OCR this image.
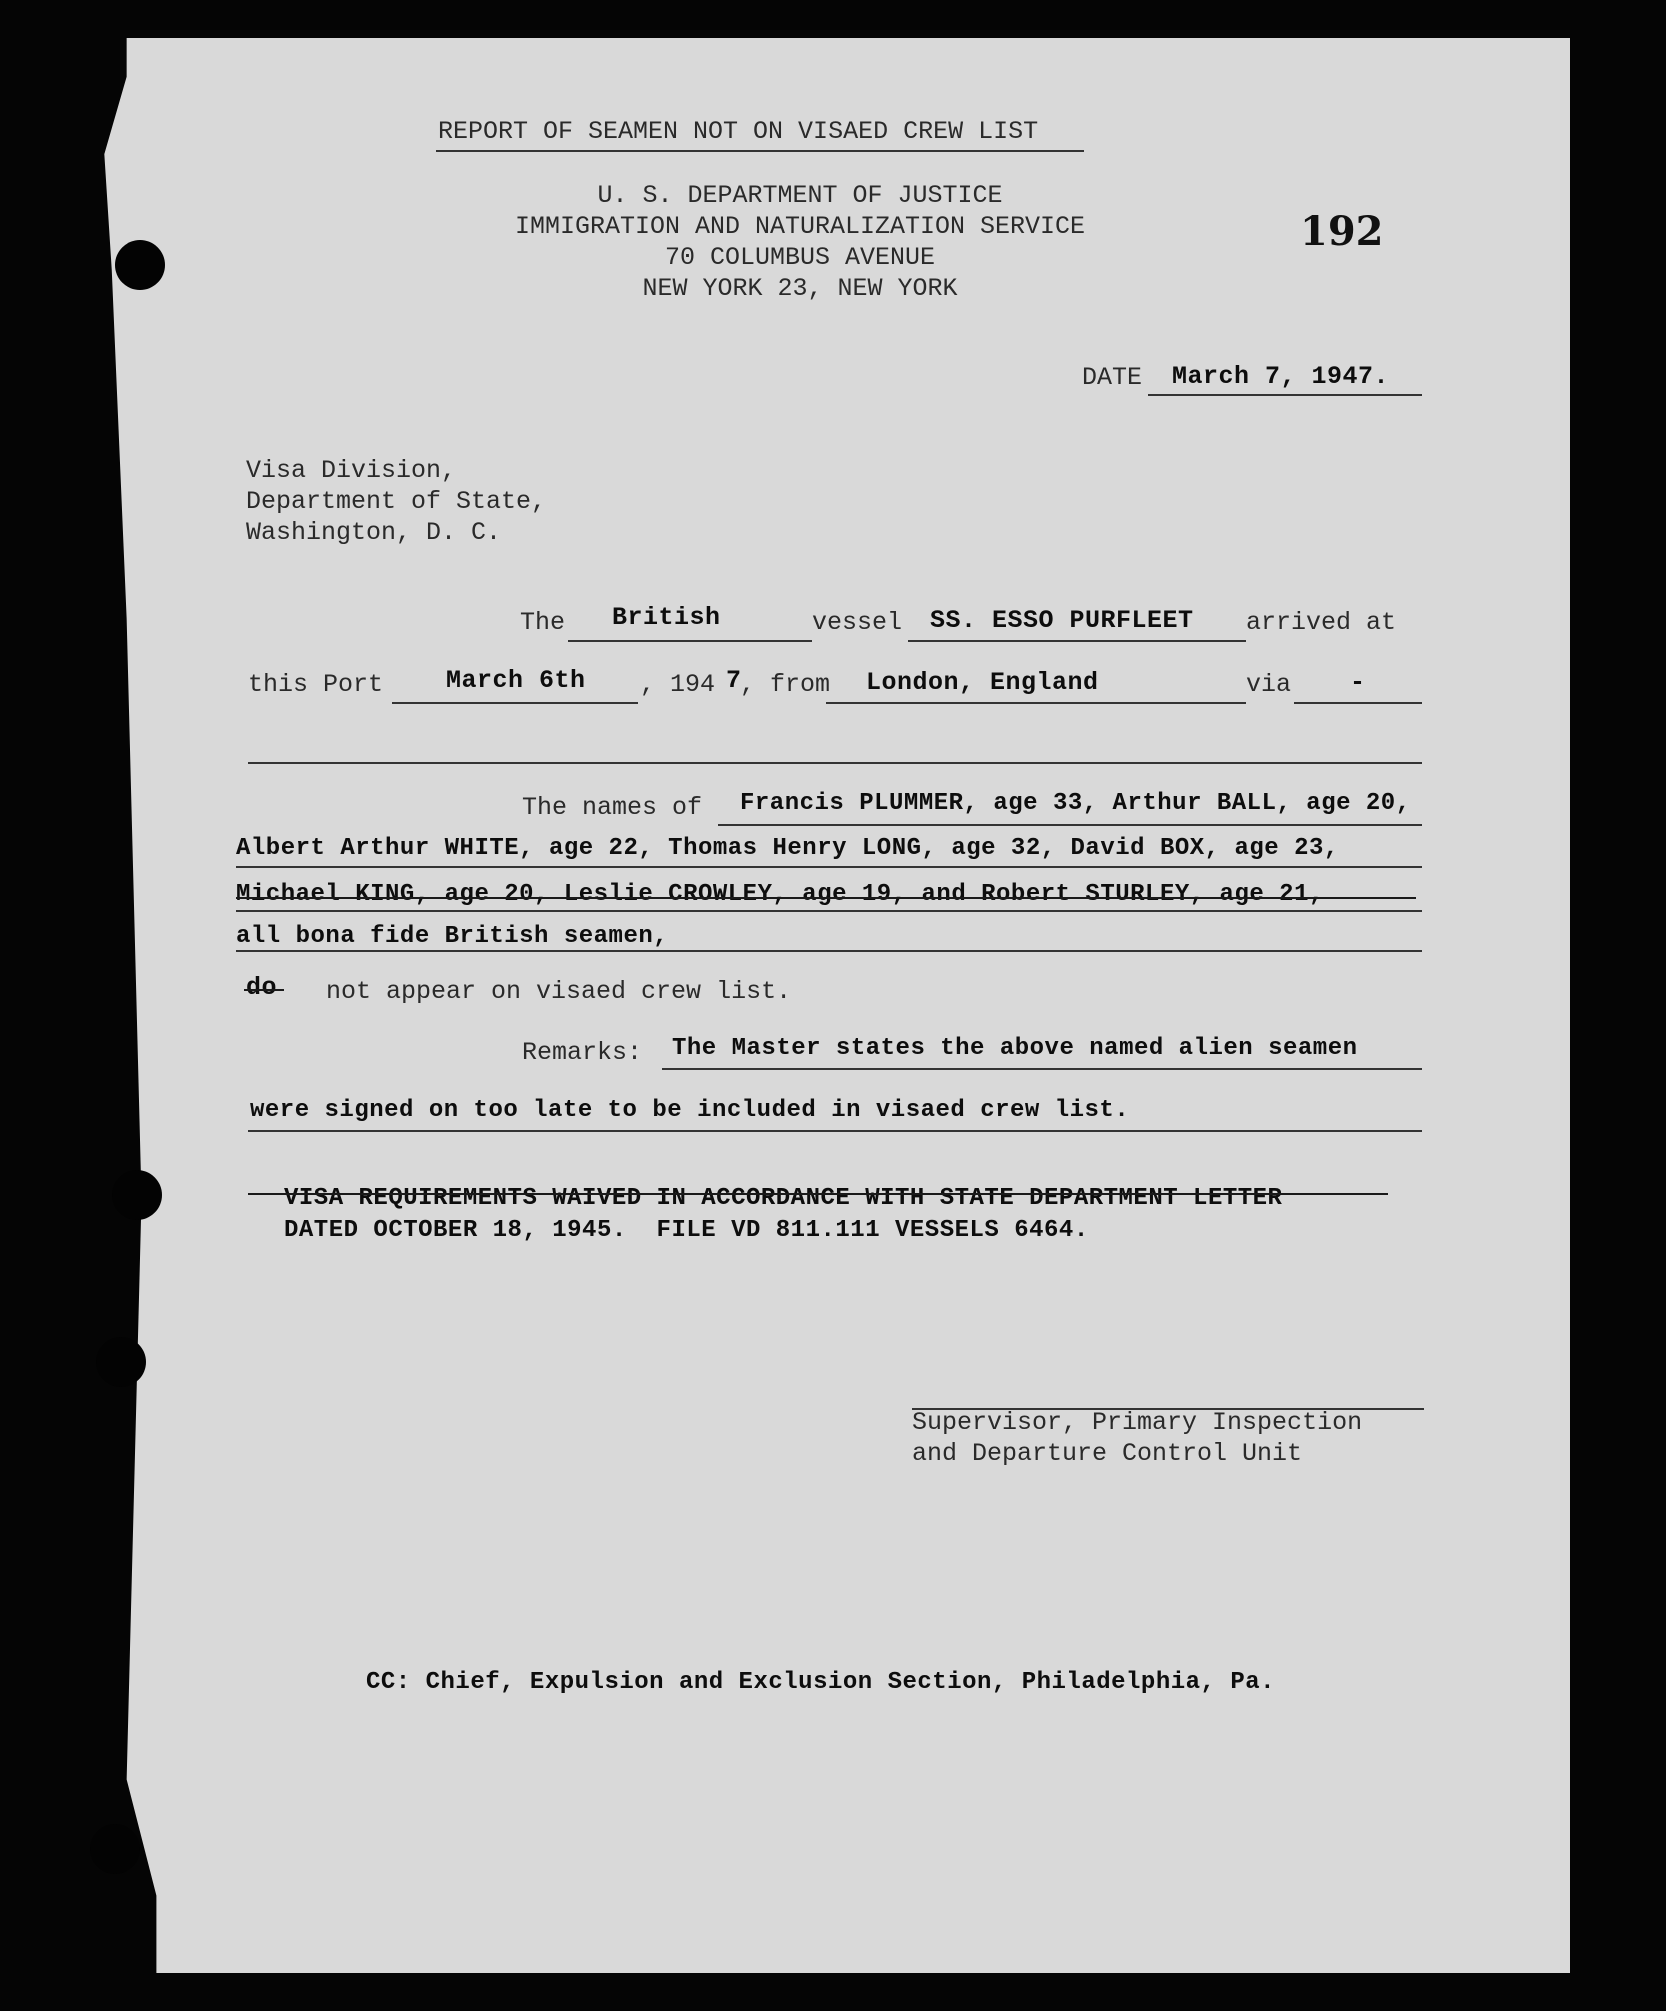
REPORT OF SEAMEN NOT ON VISAED CREW LIST
192
U. S. DEPARTMENT OF JUSTICE
IMMIGRATION AND NATURALIZATION SERVICE
70 COLUMBUS AVENUE
NEW YORK 23, NEW YORK
DATE March 7, 1947.
Visa Division,
Department of State,
Washington, D. C.
The British	vessel SS. ESSO PURFLEET arrived at
this Port	March 6th , 194 7
, from London, England	via -
The names of Francis PLUMMER, age 33, Arthur BALL, age 20,
Albert Arthur WHITE, age 22, Thomas Henry LONG, age 32, David BOX, age 23,
Michael KING, age 20, Leslie CROWLEY, age 19, and Robert STURLEY, age 21,
all bona fide British seamen,
do not appear on visaed crew list.
Remarks: The Master states the above named alien seamen
were signed on too late to be included in visaed crew list.
VISA REQUIREMENTS WAIVED IN ACCORDANCE WITH STATE DEPARTMENT LETTER
DATED OCTOBER 18, 1945.  FILE VD 811.111 VESSELS 6464.
Supervisor, Primary Inspection
and Departure Control Unit
CC: Chief, Expulsion and Exclusion Section, Philadelphia, Pa.
